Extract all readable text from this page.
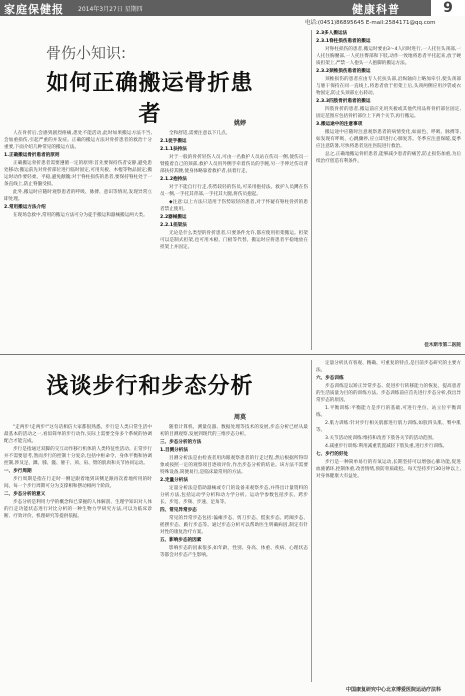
家庭保健报 2014年3月27日 星期四	健康科普	9
电话:(0451)86895645 E-mail:2584171@qq.com
骨伤小知识:
如何正确搬运骨折患者	姚婷

人在骨折后,会感到剧烈疼痛,患处不能活动,此时如果搬运方法不当,会加重损伤,引起严重的并发症。正确的搬运方法对骨折患者的救治十分重要,下面介绍几种常见的搬运方法。

1.正确搬运骨折患者的原则

正确搬运骨折患者需要遵循一定的原则:首先要保持伤者安静,避免患处移动;搬运前先对骨折部位进行临时固定,可用夹板、木棍等物品固定;搬运时动作要轻柔、平稳,避免颠簸;对于脊柱损伤的患者,要保持脊柱处于一条直线上,防止脊髓受损。

此外,搬运时应随时观察患者的呼吸、脉搏、意识等情况,发现异常立即处理。

2.常用搬运方法介绍

在现场急救中,常用的搬运方法可分为徒手搬运和器械搬运两大类。

全和舒适,需要注意以下几点。

2.1徒手搬运

2.1.1扶持法

对于一般的骨折轻伤人员,可由一名救护人员站在伤员一侧,使伤员一臂揽着自己的颈部,救护人员用外侧手牵着伤员的手腕,另一手伸过伤员背部扶持其腰,使身体略靠着救护者,扶着行走。

2.1.2抱持法

对于不能自行行走,伤势较轻的伤员,可采用抱持法。救护人员蹲在伤员一侧,一手托其背部,一手托其大腿,将伤员抱起。

◆注意:以上方法只适用于伤势较轻的患者,对于怀疑有脊柱骨折的患者禁止使用。

2.2器械搬运

2.2.1担架法

无论是什么类型的骨折患者,只要条件允许,都应使用担架搬运。担架可以是制式担架,也可用木板、门板等代替。搬运时应将患者平稳地放在担架上并固定。

2.3多人搬运法

2.3.1脊柱损伤患者的搬运

对脊柱损伤的患者,搬运时要由3～4人同时进行,一人托住头颈部,一人托住胸腰部,一人托住臀部和下肢,动作一致地将患者平托起来,放于硬质担架上,严禁一人抱头一人抱脚的搬运方法。

2.3.2颈椎损伤患者的搬运

颈椎损伤的患者应由专人托扶头部,沿纵轴向上略加牵引,使头颈部与躯干保持在同一直线上,将患者放于担架上后,头颈两侧应用沙袋或衣物固定,防止头颈部左右转动。

2.3.3四肢骨折患者的搬运

四肢骨折的患者,搬运前应先用夹板或其他代用品将骨折部位固定,固定范围应包括骨折部位上下两个关节,再行搬运。

3.搬运途中的注意事项

搬运途中应随时注意观察患者的病情变化,如面色、呼吸、脉搏等,如发现有呼吸、心跳骤停,应立即进行心肺复苏。冬季应注意保暖,夏季应注意防暑,尽快将患者送往医院进行救治。

总之,正确地搬运骨折患者,能够减少患者的痛苦,防止损伤加重,为后续治疗创造有利条件。

佳木斯市第二医院
浅谈步行和步态分析
周莫

"走两步!走两步!"这句话相信大家都很熟悉。步行是人类日常生活中最基本的活动之一,看似简单的步行动作,实际上需要全身多个系统的协调配合才能完成。

步行是指通过双脚的交互动作移行机体的人类特征性活动。正常步行并不需要思考,然而步行的控制十分复杂,包括中枢命令、身体平衡和协调控制,涉及足、踝、膝、髋、躯干、颈、肩、臂的肌肉和关节协同运动。

一、步行周期

步行周期是指在行走时一侧足跟着地到该侧足跟再次着地所用的时间。每一个步行周期可分为支撑相和摆动相两个阶段。

二、步态分析的意义

步态分析是利用力学的概念和已掌握的人体解剖、生理学知识对人体的行走功能状态进行对比分析的一种生物力学研究方法,可以为临床诊断、疗效评价、机理研究等提供依据。

随着计算机、测量仪器、数据处理等技术的发展,步态分析已经从最初的目测观察,发展到现代的三维步态分析。

三、步态分析的方法

1.目测分析法

目测分析法是由检查者用肉眼观察患者的行走过程,然后根据所得印象或按照一定的观察项目逐项评价,作出步态分析的结论。该方法不需要特殊设备,简便易行,是临床最常用的方法。

2.定量分析法

定量分析法是借助器械或专门的设备来观察步态,并得出计量资料的分析方法,包括运动学分析和动力学分析。运动学参数包括步长、跨步长、步宽、步频、步速、足角等。

四、常见异常步态

常见的异常步态包括:偏瘫步态、剪刀步态、慌张步态、跨阈步态、摇摆步态、跛行步态等。通过步态分析可以帮助医生明确病因,制定有针对性的康复治疗方案。

五、影响步态的因素

影响步态的因素很多,如年龄、性别、身高、体重、疾病、心理状态等都会对步态产生影响。

定量分析具有客观、精确、可重复的特点,是目前步态研究的主要方法。

六、步态训练

步态训练是以矫正异常步态、促进步行转移能力的恢复、提高患者的生活质量为目的的训练方法。步态训练前应首先进行步态分析,找出异常步态的原因。

1.平衡训练:平衡能力是步行的基础,可进行坐位、站立位平衡训练。

2.肌力训练:针对步行相关肌群进行肌力训练,如股四头肌、臀中肌等。

3.关节活动度训练:维持和改善下肢各关节的活动范围。

4.减重步行训练:利用减重装置减轻下肢负重,进行步行训练。

七、步行的好处

步行是一种简单易行的有氧运动,长期坚持可以增强心肺功能,促进血液循环,控制体重,改善情绪,预防骨质疏松。每天坚持步行30分钟以上,对身体健康大有益处。

中国康复研究中心北京博爱医院运动疗法科
